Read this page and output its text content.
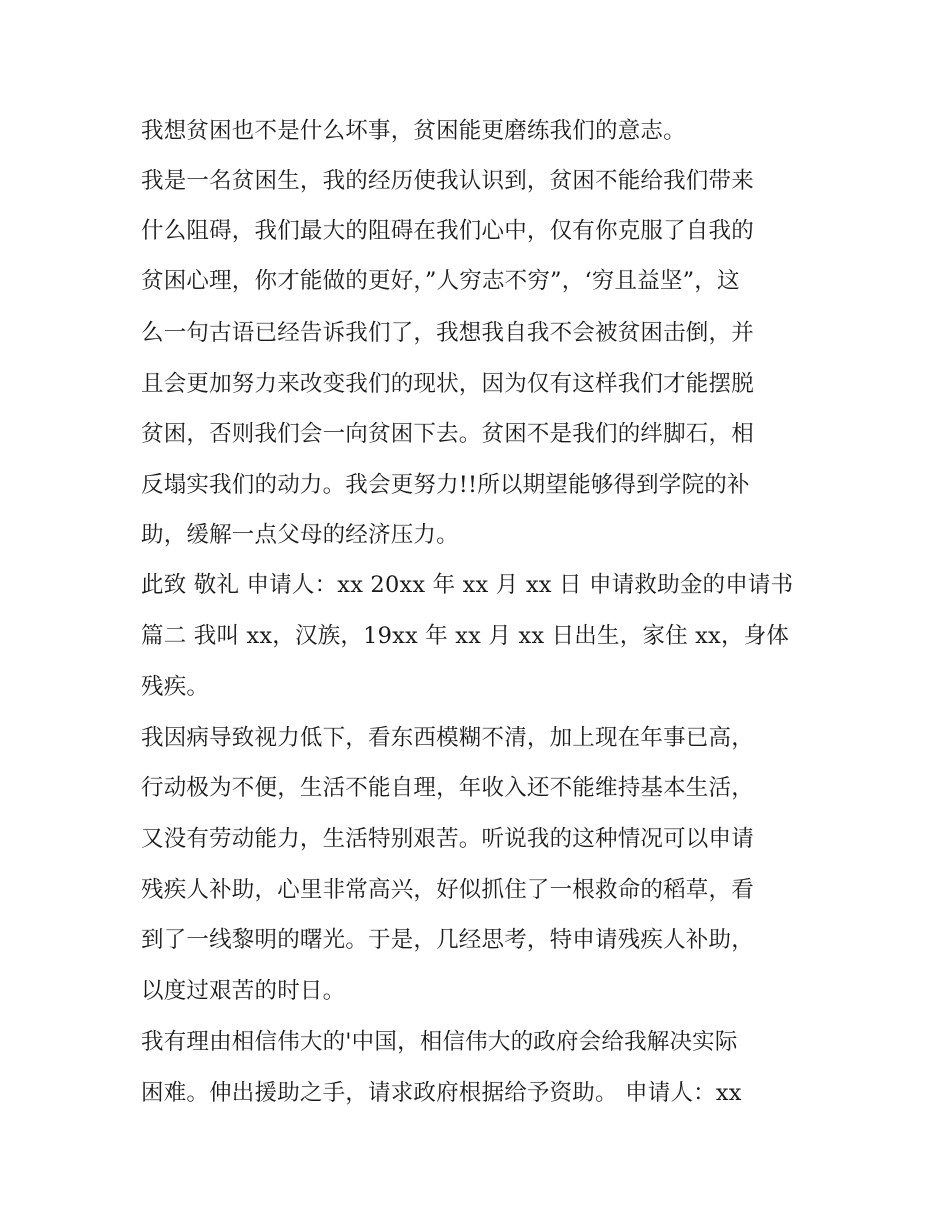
我想贫困也不是什么坏事，贫困能更磨练我们的意志。
我是一名贫困生，我的经历使我认识到，贫困不能给我们带来
什么阻碍，我们最大的阻碍在我们心中，仅有你克服了自我的
贫困心理，你才能做的更好，”人穷志不穷”，‘穷且益坚”，这
么一句古语已经告诉我们了，我想我自我不会被贫困击倒，并
且会更加努力来改变我们的现状，因为仅有这样我们才能摆脱
贫困，否则我们会一向贫困下去。贫困不是我们的绊脚石，相
反塌实我们的动力。我会更努力!!所以期望能够得到学院的补
助，缓解一点父母的经济压力。
此致 敬礼 申请人：xx 20xx 年 xx 月 xx 日 申请救助金的申请书
篇二 我叫 xx，汉族，19xx 年 xx 月 xx 日出生，家住 xx，身体
残疾。
我因病导致视力低下，看东西模糊不清，加上现在年事已高，
行动极为不便，生活不能自理，年收入还不能维持基本生活，
又没有劳动能力，生活特别艰苦。听说我的这种情况可以申请
残疾人补助，心里非常高兴，好似抓住了一根救命的稻草，看
到了一线黎明的曙光。于是，几经思考，特申请残疾人补助，
以度过艰苦的时日。
我有理由相信伟大的'中国，相信伟大的政府会给我解决实际
困难。伸出援助之手，请求政府根据给予资助。 申请人：xx
